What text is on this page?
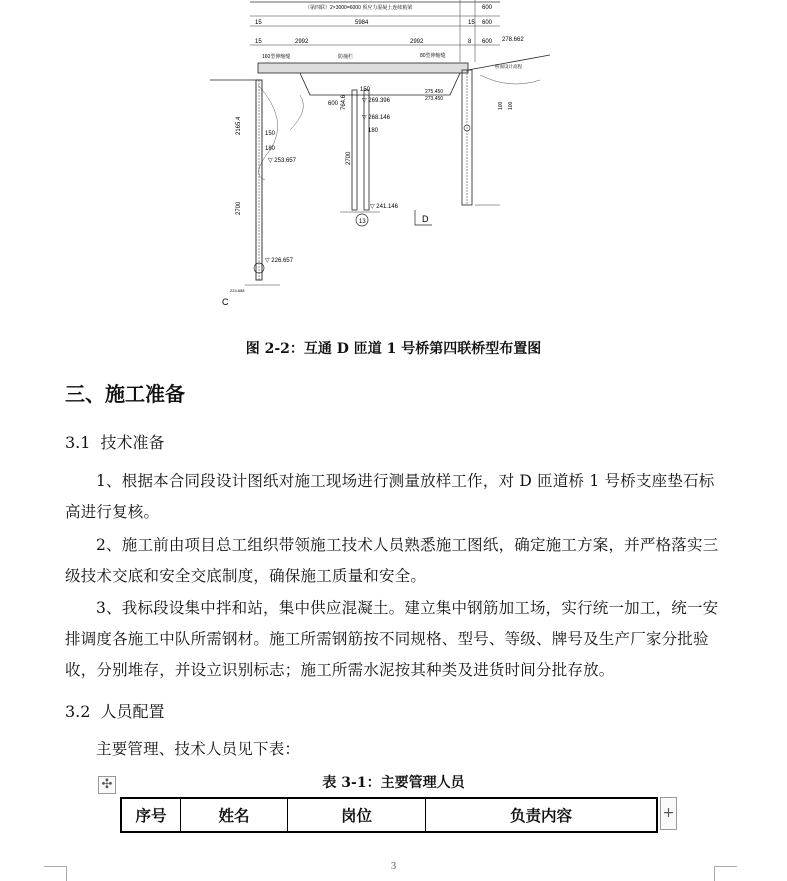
（第四联）2×3000=6000 预应力混凝土连续箱梁	600
15	5984	15 600
15	2992	2992	8 600 278.662
160型伸缩缝	防撞栏	80型伸缩缝
桥面设计高程
2165.4	150
180
▽ 253.657
2700
▽ 226.657
224.658
C
600 764.6	▽ 269.396
▽ 268.146
180
2700
150
13
▽ 241.146
D
275.450
273.450
100 100
图 2-2：互通 D 匝道 1 号桥第四联桥型布置图
三、施工准备
3.1 技术准备
1、根据本合同段设计图纸对施工现场进行测量放样工作，对 D 匝道桥 1 号桥支座垫石标高进行复核。
2、施工前由项目总工组织带领施工技术人员熟悉施工图纸，确定施工方案，并严格落实三级技术交底和安全交底制度，确保施工质量和安全。
3、我标段设集中拌和站，集中供应混凝土。建立集中钢筋加工场，实行统一加工，统一安排调度各施工中队所需钢材。施工所需钢筋按不同规格、型号、等级、牌号及生产厂家分批验收，分别堆存，并设立识别标志；施工所需水泥按其种类及进货时间分批存放。
3.2 人员配置
主要管理、技术人员见下表：
表 3-1：主要管理人员
✣
序号	姓名	岗位	负责内容	+
3
